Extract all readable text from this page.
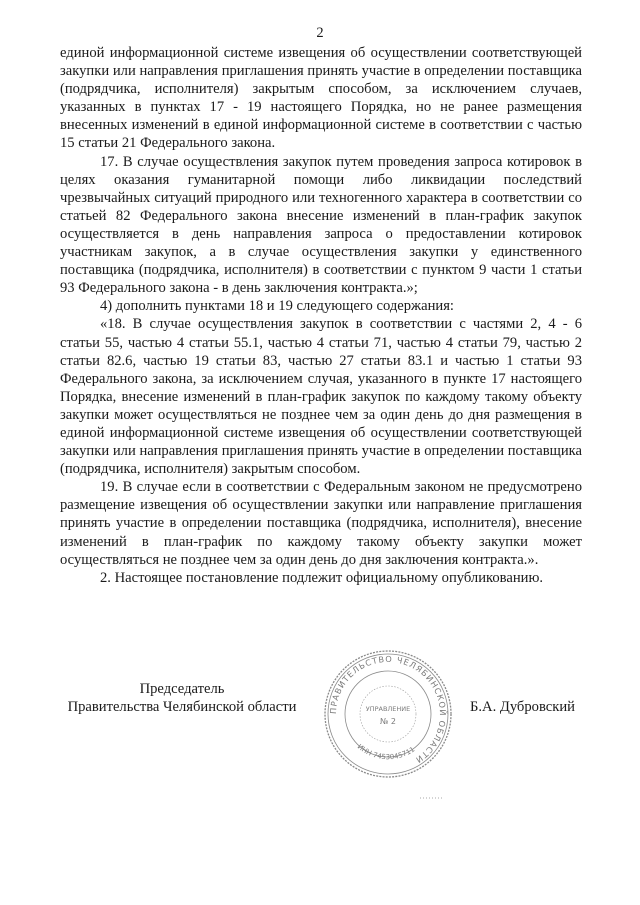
2

единой информационной системе извещения об осуществлении соответствующей закупки или направления приглашения принять участие в определении поставщика (подрядчика, исполнителя) закрытым способом, за исключением случаев, указанных в пунктах 17 - 19 настоящего Порядка, но не ранее размещения внесенных изменений в единой информационной системе в соответствии с частью 15 статьи 21 Федерального закона.

17. В случае осуществления закупок путем проведения запроса котировок в целях оказания гуманитарной помощи либо ликвидации последствий чрезвычайных ситуаций природного или техногенного характера в соответствии со статьей 82 Федерального закона внесение изменений в план-график закупок осуществляется в день направления запроса о предоставлении котировок участникам закупок, а в случае осуществления закупки у единственного поставщика (подрядчика, исполнителя) в соответствии с пунктом 9 части 1 статьи 93 Федерального закона - в день заключения контракта.»;

4) дополнить пунктами 18 и 19 следующего содержания:

«18. В случае осуществления закупок в соответствии с частями 2, 4 - 6 статьи 55, частью 4 статьи 55.1, частью 4 статьи 71, частью 4 статьи 79, частью 2 статьи 82.6, частью 19 статьи 83, частью 27 статьи 83.1 и частью 1 статьи 93 Федерального закона, за исключением случая, указанного в пункте 17 настоящего Порядка, внесение изменений в план-график закупок по каждому такому объекту закупки может осуществляться не позднее чем за один день до дня размещения в единой информационной системе извещения об осуществлении соответствующей закупки или направления приглашения принять участие в определении поставщика (подрядчика, исполнителя) закрытым способом.

19. В случае если в соответствии с Федеральным законом не предусмотрено размещение извещения об осуществлении закупки или направление приглашения принять участие в определении поставщика (подрядчика, исполнителя), внесение изменений в план-график по каждому такому объекту закупки может осуществляться не позднее чем за один день до дня заключения контракта.».

2. Настоящее постановление подлежит официальному опубликованию.

Председатель
Правительства Челябинской области	Б.А. Дубровский
ПРАВИТЕЛЬСТВО ЧЕЛЯБИНСКОЙ ОБЛАСТИ
ИНН 7453045711
УПРАВЛЕНИЕ
№ 2
